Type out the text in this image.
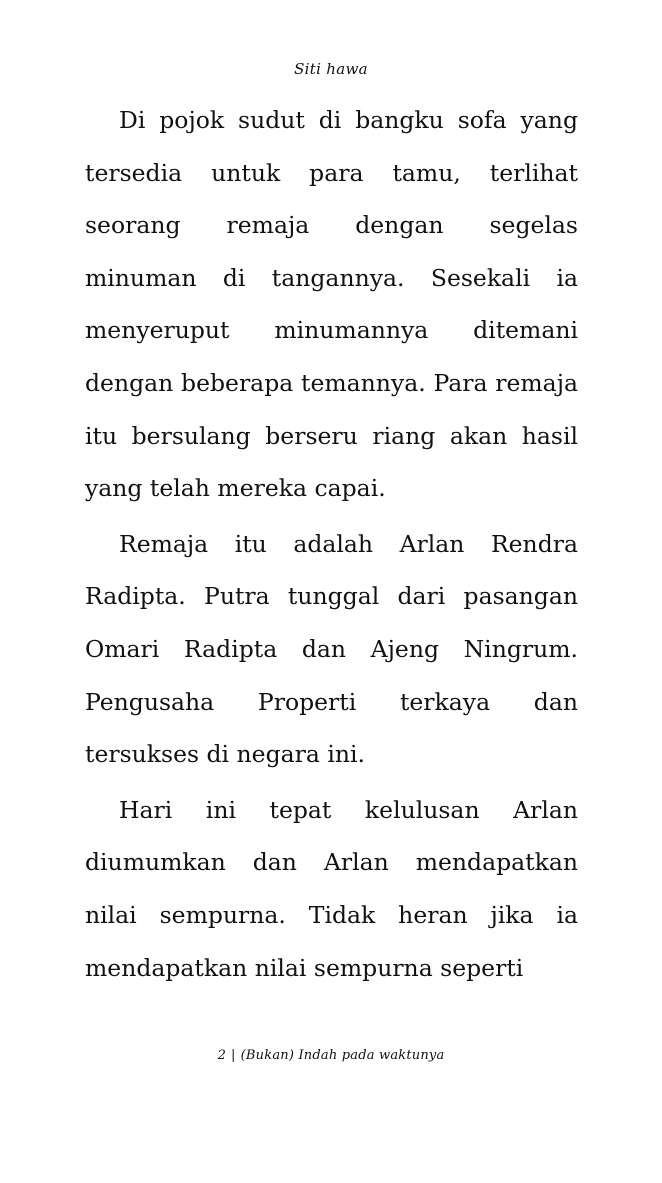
Siti hawa

Di pojok sudut di bangku sofa yang tersedia untuk para tamu, terlihat seorang remaja dengan segelas minuman di tangannya. Sesekali ia menyeruput minumannya ditemani dengan beberapa temannya. Para remaja itu bersulang berseru riang akan hasil yang telah mereka capai.

Remaja itu adalah Arlan Rendra Radipta. Putra tunggal dari pasangan Omari Radipta dan Ajeng Ningrum. Pengusaha Properti terkaya dan tersukses di negara ini.

Hari ini tepat kelulusan Arlan diumumkan dan Arlan mendapatkan nilai sempurna. Tidak heran jika ia mendapatkan nilai sempurna seperti

2 | (Bukan) Indah pada waktunya
